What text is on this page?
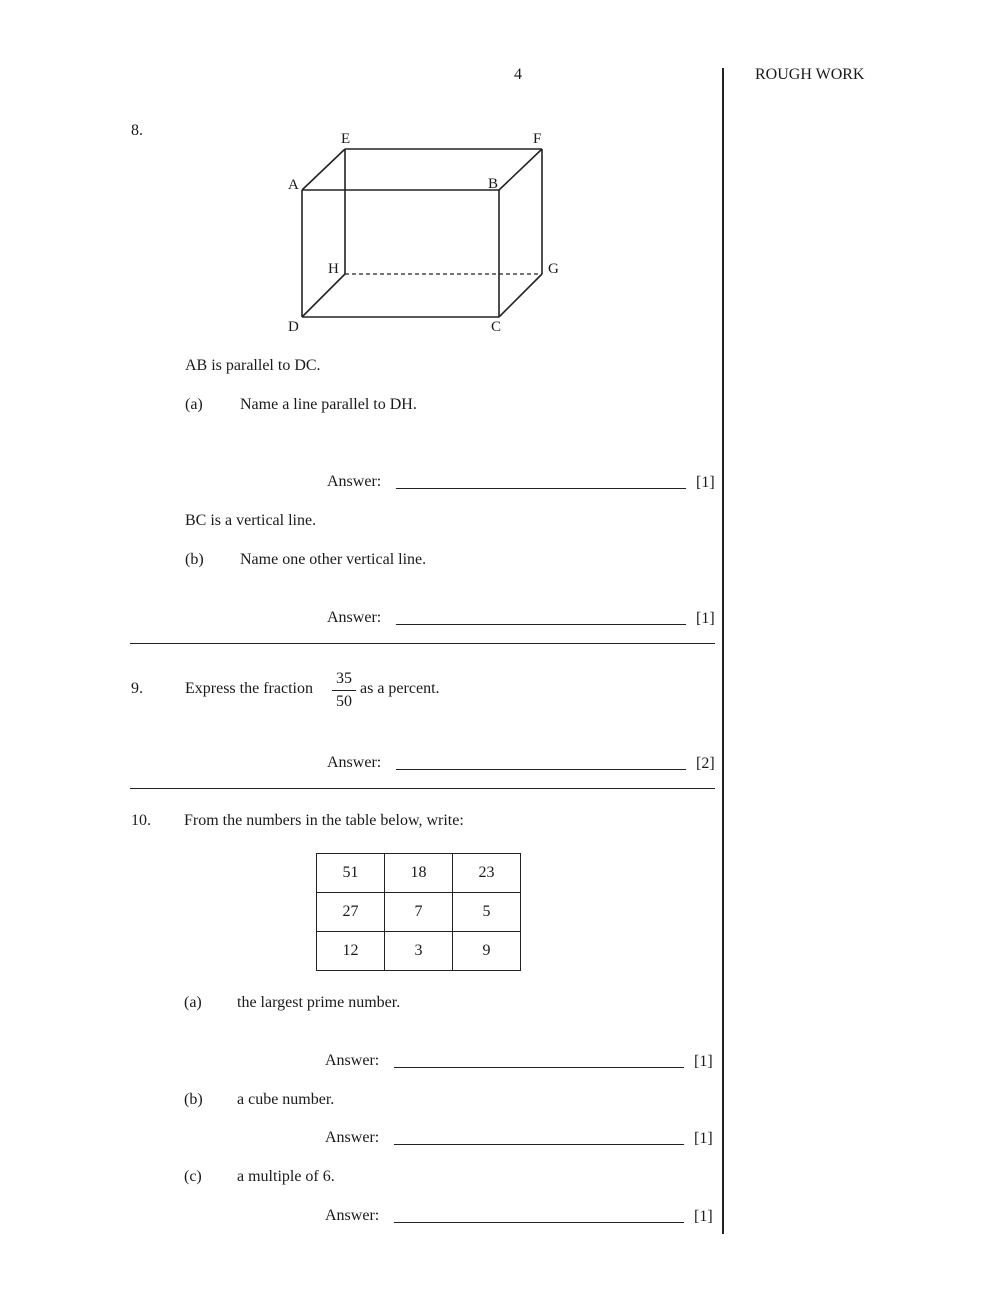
4	ROUGH WORK
8.	E	F
A	B
H	G
D	C
AB is parallel to DC.
(a) Name a line parallel to DH.
Answer:	[1]
BC is a vertical line.
(b) Name one other vertical line.
Answer:	[1]
9.	Express the fraction
35
50
as a percent.
Answer:	[2]
10. From the numbers in the table below, write:
51	18	23
27	7	5
12	3	9
(a) the largest prime number.
Answer:	[1]
(b) a cube number.
Answer:	[1]
(c) a multiple of 6.
Answer:	[1]
